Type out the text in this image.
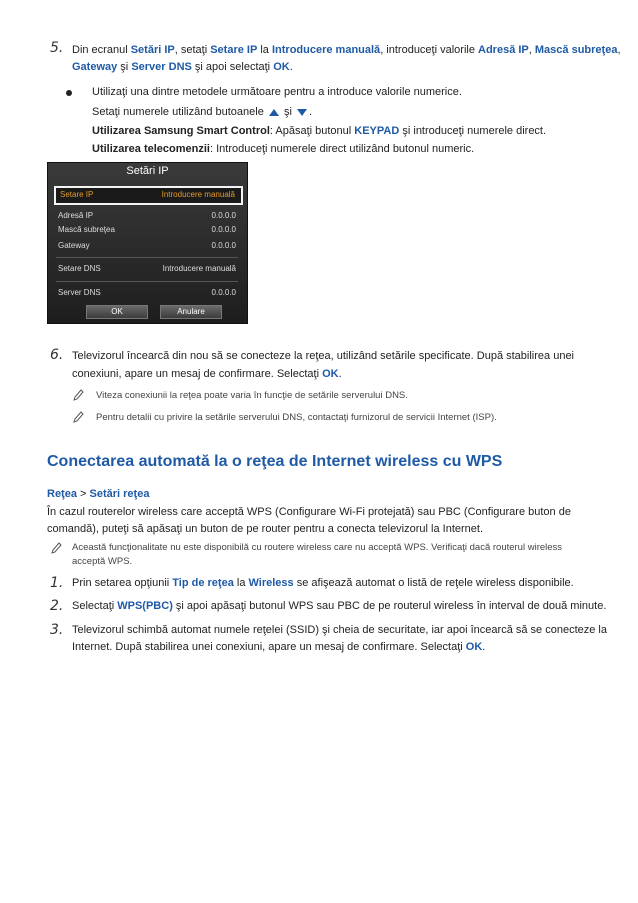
5. Din ecranul Setări IP, setaţi Setare IP la Introducere manuală, introduceţi valorile Adresă IP, Mască subreţea,
Gateway şi Server DNS şi apoi selectaţi OK.
Utilizaţi una dintre metodele următoare pentru a introduce valorile numerice.
Setaţi numerele utilizând butoanele  şi .
Utilizarea Samsung Smart Control: Apăsaţi butonul KEYPAD şi introduceţi numerele direct.
Utilizarea telecomenzii: Introduceţi numerele direct utilizând butonul numeric.
Setări IP
Setare IP	Introducere manuală
Adresă IP	0.0.0.0
Mască subreţea	0.0.0.0
Gateway	0.0.0.0
Setare DNS	Introducere manuală
Server DNS	0.0.0.0
OK	Anulare
6. Televizorul încearcă din nou să se conecteze la reţea, utilizând setările specificate. După stabilirea unei
conexiuni, apare un mesaj de confirmare. Selectaţi OK.
Viteza conexiunii la reţea poate varia în funcţie de setările serverului DNS.
Pentru detalii cu privire la setările serverului DNS, contactaţi furnizorul de servicii Internet (ISP).
Conectarea automată la o reţea de Internet wireless cu WPS
Reţea > Setări reţea
În cazul routerelor wireless care acceptă WPS (Configurare Wi-Fi protejată) sau PBC (Configurare buton de
comandă), puteţi să apăsaţi un buton de pe router pentru a conecta televizorul la Internet.
Această funcţionalitate nu este disponibilă cu routere wireless care nu acceptă WPS. Verificaţi dacă routerul wireless
acceptă WPS.
1. Prin setarea opţiunii Tip de reţea la Wireless se afişează automat o listă de reţele wireless disponibile.
2. Selectaţi WPS(PBC) şi apoi apăsaţi butonul WPS sau PBC de pe routerul wireless în interval de două minute.
3. Televizorul schimbă automat numele reţelei (SSID) şi cheia de securitate, iar apoi încearcă să se conecteze la
Internet. După stabilirea unei conexiuni, apare un mesaj de confirmare. Selectaţi OK.
